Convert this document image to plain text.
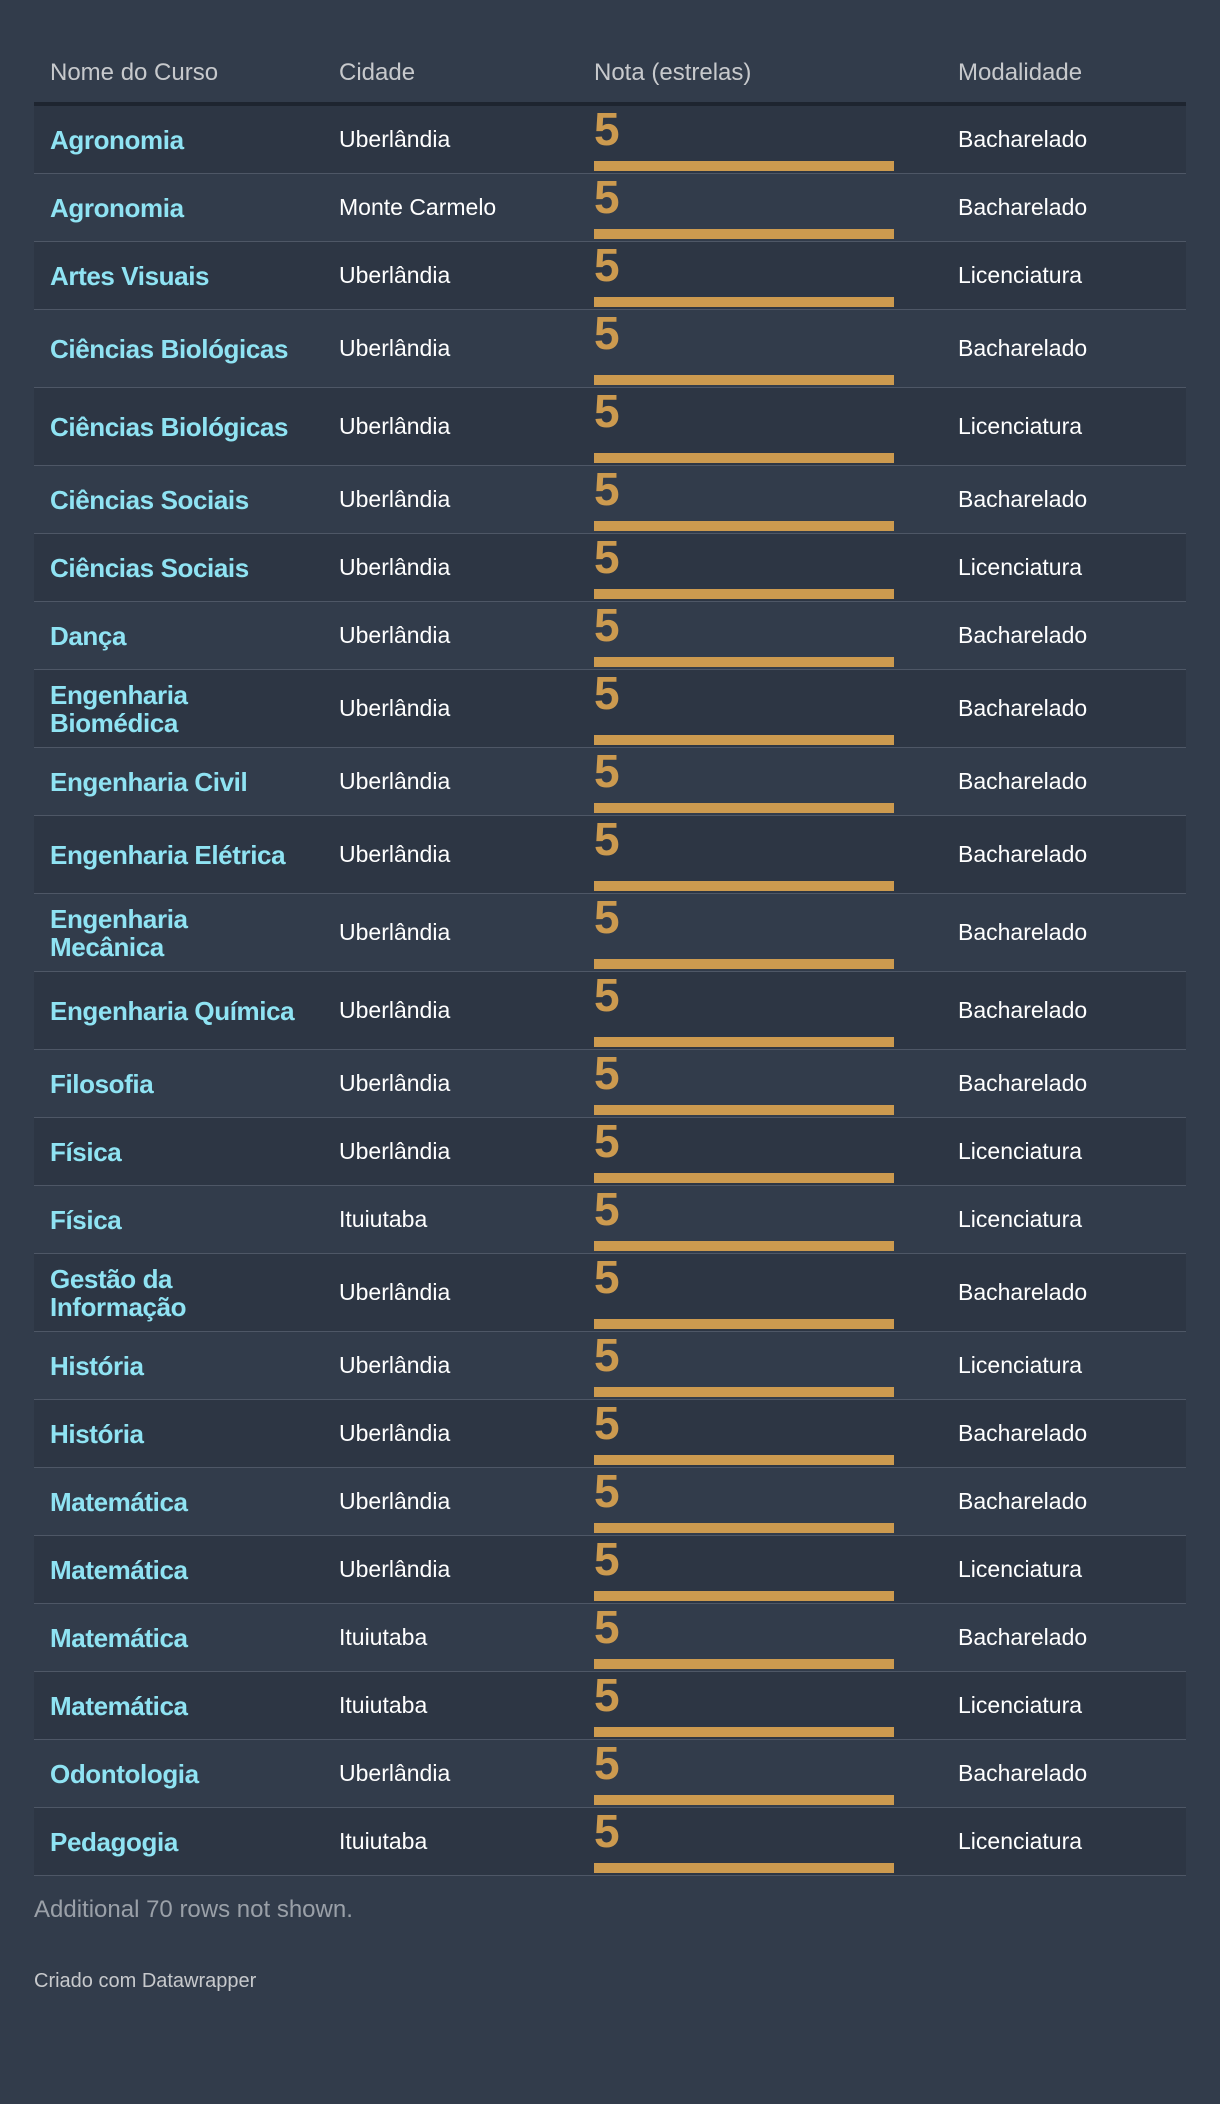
Nome do Curso	Cidade	Nota (estrelas)	Modalidade
Agronomia	Uberlândia	5	Bacharelado
Agronomia	Monte Carmelo	5	Bacharelado
Artes Visuais	Uberlândia	5	Licenciatura
Ciências Biológicas	Uberlândia	5	Bacharelado
Ciências Biológicas	Uberlândia	5	Licenciatura
Ciências Sociais	Uberlândia	5	Bacharelado
Ciências Sociais	Uberlândia	5	Licenciatura
Dança	Uberlândia	5	Bacharelado
Engenharia Biomédica	Uberlândia	5	Bacharelado
Engenharia Civil	Uberlândia	5	Bacharelado
Engenharia Elétrica	Uberlândia	5	Bacharelado
Engenharia Mecânica	Uberlândia	5	Bacharelado
Engenharia Química	Uberlândia	5	Bacharelado
Filosofia	Uberlândia	5	Bacharelado
Física	Uberlândia	5	Licenciatura
Física	Ituiutaba	5	Licenciatura
Gestão da Informação	Uberlândia	5	Bacharelado
História	Uberlândia	5	Licenciatura
História	Uberlândia	5	Bacharelado
Matemática	Uberlândia	5	Bacharelado
Matemática	Uberlândia	5	Licenciatura
Matemática	Ituiutaba	5	Bacharelado
Matemática	Ituiutaba	5	Licenciatura
Odontologia	Uberlândia	5	Bacharelado
Pedagogia	Ituiutaba	5	Licenciatura
Additional 70 rows not shown.
Criado com Datawrapper
